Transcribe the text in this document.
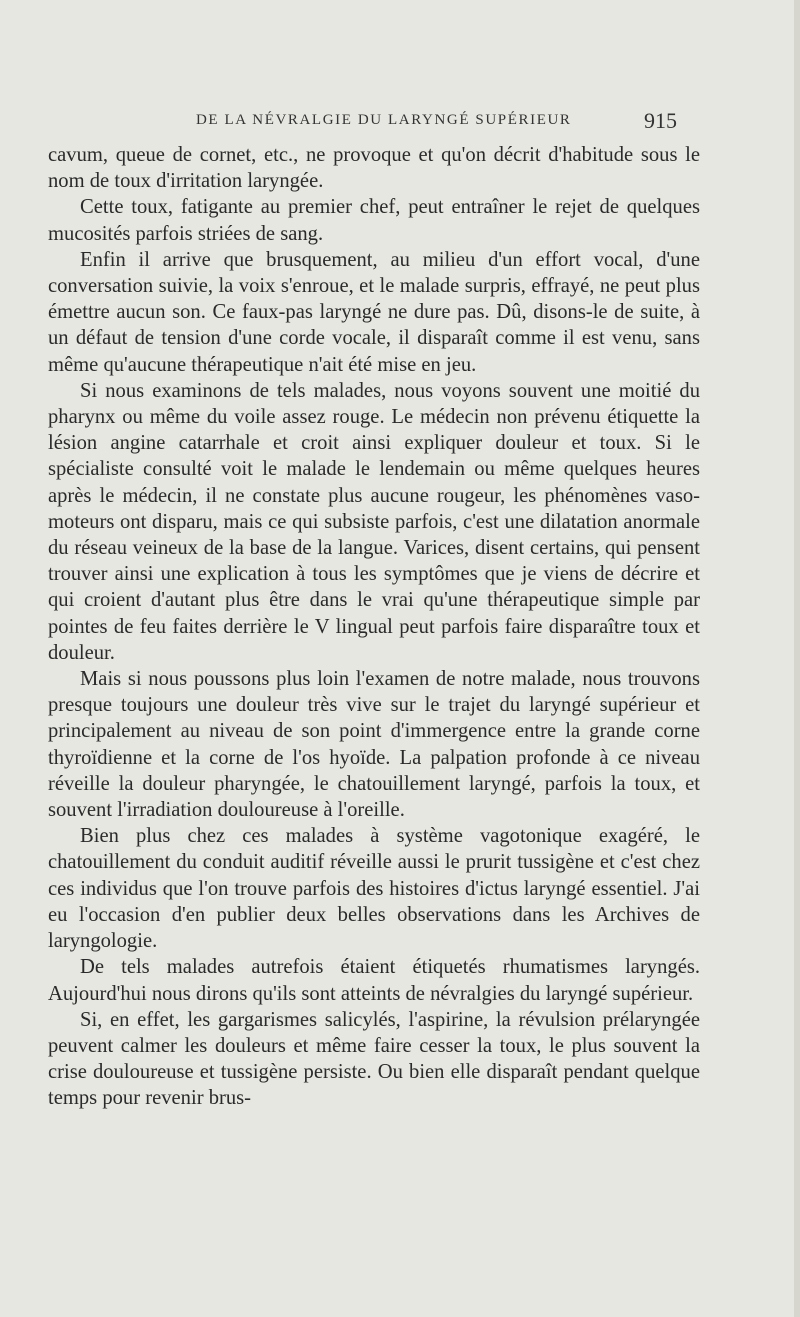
DE LA NÉVRALGIE DU LARYNGÉ SUPÉRIEUR	915

cavum, queue de cornet, etc., ne provoque et qu'on décrit d'habitude sous le nom de toux d'irritation laryngée.

Cette toux, fatigante au premier chef, peut entraîner le rejet de quelques mucosités parfois striées de sang.

Enfin il arrive que brusquement, au milieu d'un effort vocal, d'une conversation suivie, la voix s'enroue, et le malade surpris, effrayé, ne peut plus émettre aucun son. Ce faux-pas laryngé ne dure pas. Dû, disons-le de suite, à un défaut de tension d'une corde vocale, il disparaît comme il est venu, sans même qu'aucune thérapeutique n'ait été mise en jeu.

Si nous examinons de tels malades, nous voyons souvent une moitié du pharynx ou même du voile assez rouge. Le médecin non prévenu étiquette la lésion angine catarrhale et croit ainsi expliquer douleur et toux. Si le spécialiste consulté voit le malade le lendemain ou même quelques heures après le médecin, il ne constate plus aucune rougeur, les phénomènes vaso-moteurs ont disparu, mais ce qui subsiste parfois, c'est une dilatation anormale du réseau veineux de la base de la langue. Varices, disent certains, qui pensent trouver ainsi une explication à tous les symptômes que je viens de décrire et qui croient d'autant plus être dans le vrai qu'une thérapeutique simple par pointes de feu faites derrière le V lingual peut parfois faire disparaître toux et douleur.

Mais si nous poussons plus loin l'examen de notre malade, nous trouvons presque toujours une douleur très vive sur le trajet du laryngé supérieur et principalement au niveau de son point d'immergence entre la grande corne thyroïdienne et la corne de l'os hyoïde. La palpation profonde à ce niveau réveille la douleur pharyngée, le chatouillement laryngé, parfois la toux, et souvent l'irradiation douloureuse à l'oreille.

Bien plus chez ces malades à système vagotonique exagéré, le chatouillement du conduit auditif réveille aussi le prurit tussigène et c'est chez ces individus que l'on trouve parfois des histoires d'ictus laryngé essentiel. J'ai eu l'occasion d'en publier deux belles observations dans les Archives de laryngologie.

De tels malades autrefois étaient étiquetés rhumatismes laryngés. Aujourd'hui nous dirons qu'ils sont atteints de névralgies du laryngé supérieur.

Si, en effet, les gargarismes salicylés, l'aspirine, la révulsion prélaryngée peuvent calmer les douleurs et même faire cesser la toux, le plus souvent la crise douloureuse et tussigène persiste. Ou bien elle disparaît pendant quelque temps pour revenir brus-
